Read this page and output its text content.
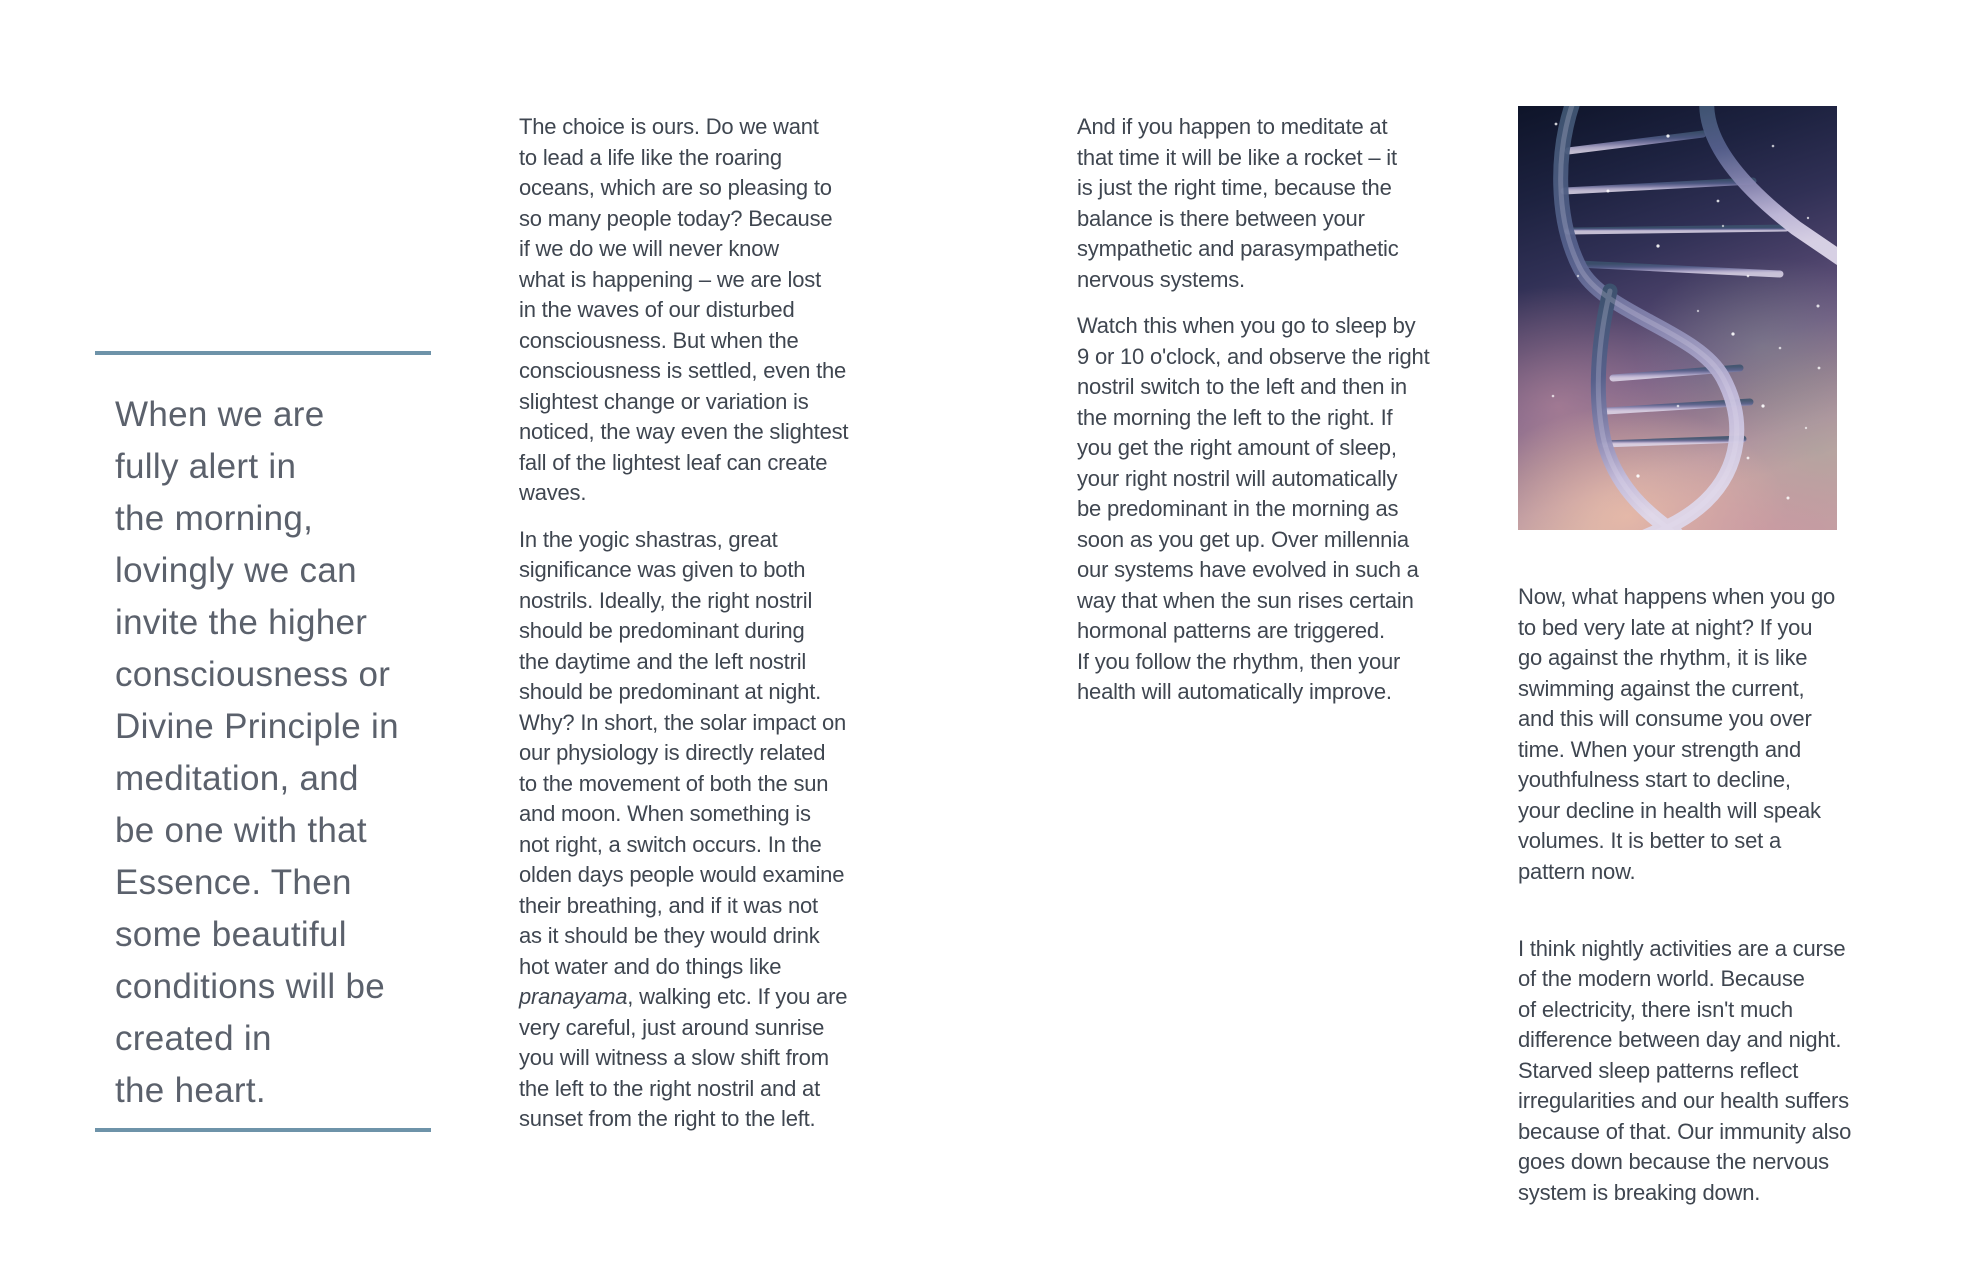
When we are
fully alert in
the morning,
lovingly we can
invite the higher
consciousness or
Divine Principle in
meditation, and
be one with that
Essence. Then
some beautiful
conditions will be
created in
the heart.
The choice is ours. Do we want
to lead a life like the roaring
oceans, which are so pleasing to
so many people today? Because
if we do we will never know
what is happening – we are lost
in the waves of our disturbed
consciousness. But when the
consciousness is settled, even the
slightest change or variation is
noticed, the way even the slightest
fall of the lightest leaf can create
waves.
In the yogic shastras, great
significance was given to both
nostrils. Ideally, the right nostril
should be predominant during
the daytime and the left nostril
should be predominant at night.
Why? In short, the solar impact on
our physiology is directly related
to the movement of both the sun
and moon. When something is
not right, a switch occurs. In the
olden days people would examine
their breathing, and if it was not
as it should be they would drink
hot water and do things like
pranayama, walking etc. If you are
very careful, just around sunrise
you will witness a slow shift from
the left to the right nostril and at
sunset from the right to the left.
And if you happen to meditate at
that time it will be like a rocket – it
is just the right time, because the
balance is there between your
sympathetic and parasympathetic
nervous systems.
Watch this when you go to sleep by
9 or 10 o'clock, and observe the right
nostril switch to the left and then in
the morning the left to the right. If
you get the right amount of sleep,
your right nostril will automatically
be predominant in the morning as
soon as you get up. Over millennia
our systems have evolved in such a
way that when the sun rises certain
hormonal patterns are triggered.
If you follow the rhythm, then your
health will automatically improve.
Now, what happens when you go
to bed very late at night? If you
go against the rhythm, it is like
swimming against the current,
and this will consume you over
time. When your strength and
youthfulness start to decline,
your decline in health will speak
volumes. It is better to set a
pattern now.

I think nightly activities are a curse
of the modern world. Because
of electricity, there isn't much
difference between day and night.
Starved sleep patterns reflect
irregularities and our health suffers
because of that. Our immunity also
goes down because the nervous
system is breaking down.
